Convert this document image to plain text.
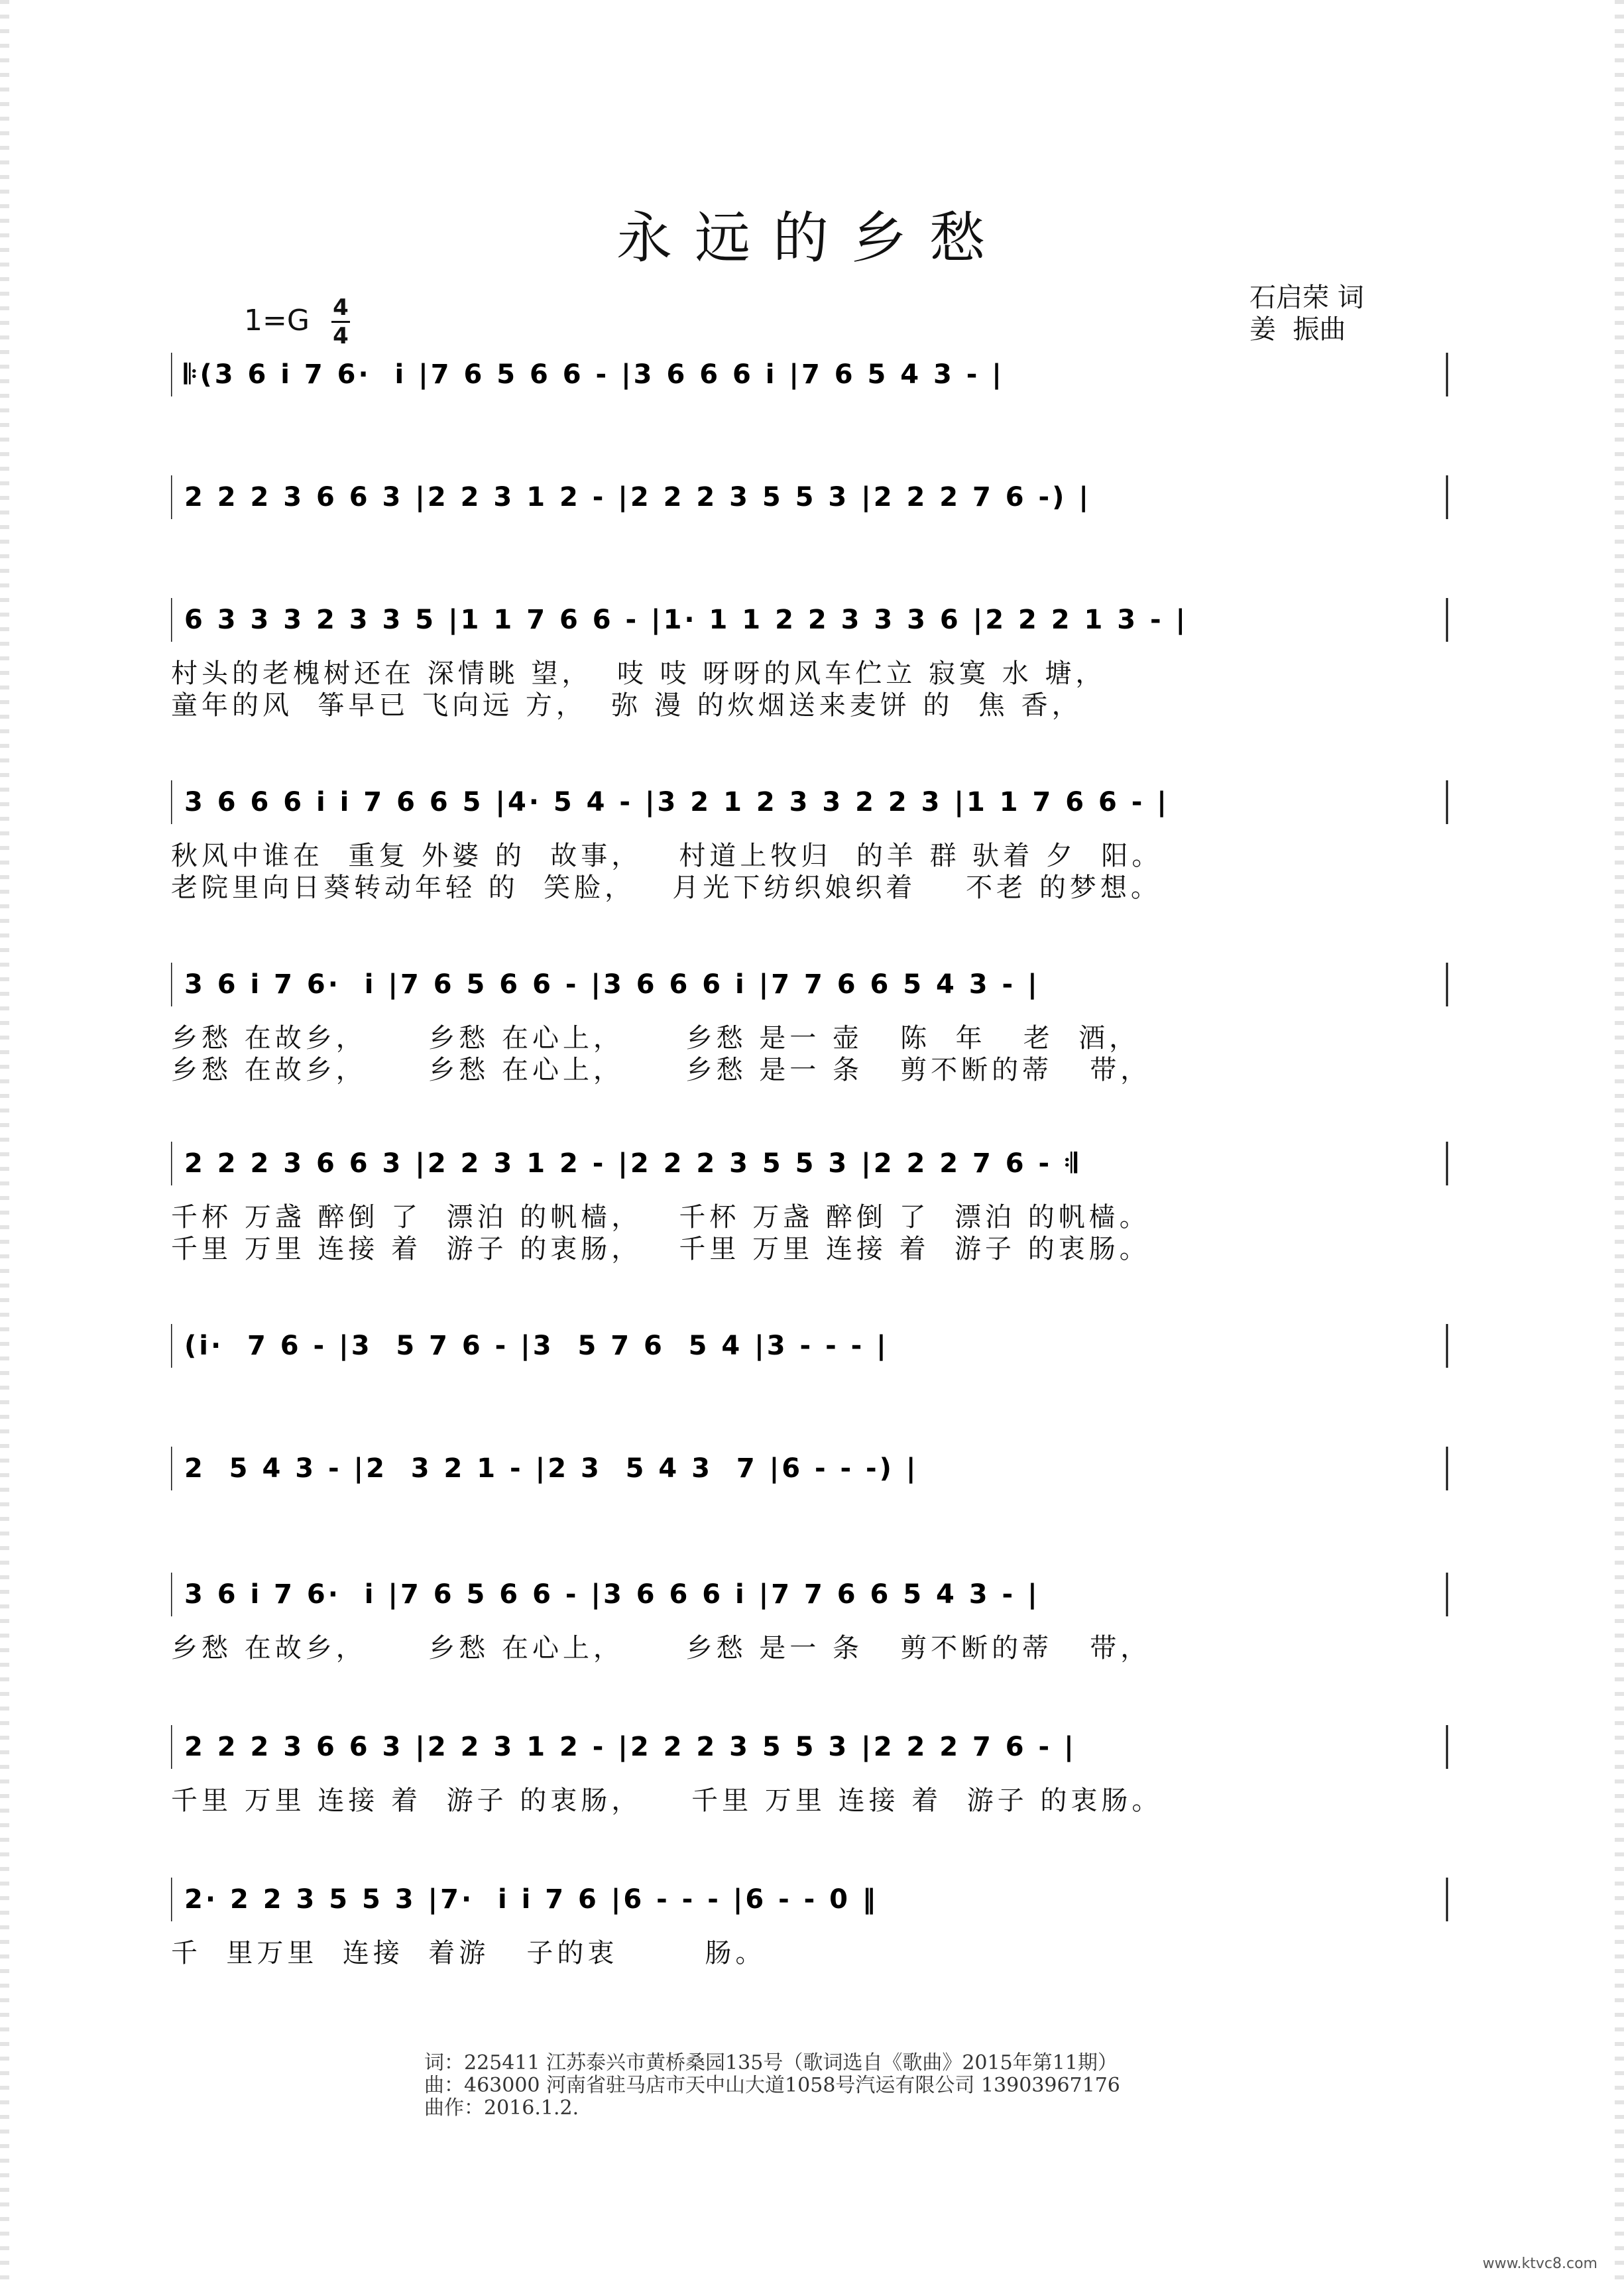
永远的乡愁
石启荣 词
姜  振曲
1=G 4
4
𝄆(3 6 i 7 6·  i |7 6 5 6 6 - |3 6 6 6 i |7 6 5 4 3 - |
2 2 2 3 6 6 3 |2 2 3 1 2 - |2 2 2 3 5 5 3 |2 2 2 7 6 -) |
6 3 3 3 2 3 3 5 |1 1 7 6 6 - |1· 1 1 2 2 3 3 3 6 |2 2 2 1 3 - |
村头的老槐树还在 深情眺 望，  吱 吱 呀呀的风车伫立 寂寞 水 塘，
童年的风  筝早已 飞向远 方，  弥 漫 的炊烟送来麦饼 的  焦 香，
3 6 6 6 i i 7 6 6 5 |4· 5 4 - |3 2 1 2 3 3 2 2 3 |1 1 7 6 6 - |
秋风中谁在  重复 外婆 的  故事，   村道上牧归  的羊 群 驮着 夕  阳。
老院里向日葵转动年轻 的  笑脸，   月光下纺织娘织着    不老 的梦想。
3 6 i 7 6·  i |7 6 5 6 6 - |3 6 6 6 i |7 7 6 6 5 4 3 - |
乡愁 在故乡，     乡愁 在心上，     乡愁 是一 壶   陈  年   老  酒，
乡愁 在故乡，     乡愁 在心上，     乡愁 是一 条   剪不断的蒂   带，
2 2 2 3 6 6 3 |2 2 3 1 2 - |2 2 2 3 5 5 3 |2 2 2 7 6 - 𝄇
千杯 万盏 醉倒 了  漂泊 的帆樯，   千杯 万盏 醉倒 了  漂泊 的帆樯。
千里 万里 连接 着  游子 的衷肠，   千里 万里 连接 着  游子 的衷肠。
(i·  7 6 - |3  5 7 6 - |3  5 7 6  5 4 |3 - - - |
2  5 4 3 - |2  3 2 1 - |2 3  5 4 3  7 |6 - - -) |
3 6 i 7 6·  i |7 6 5 6 6 - |3 6 6 6 i |7 7 6 6 5 4 3 - |
乡愁 在故乡，     乡愁 在心上，     乡愁 是一 条   剪不断的蒂   带，
2 2 2 3 6 6 3 |2 2 3 1 2 - |2 2 2 3 5 5 3 |2 2 2 7 6 - |
千里 万里 连接 着  游子 的衷肠，    千里 万里 连接 着  游子 的衷肠。
2· 2 2 3 5 5 3 |7·  i i 7 6 |6 - - - |6 - - 0 ‖
千  里万里  连接  着游   子的衷       肠。
词：225411 江苏泰兴市黄桥桑园135号（歌词选自《歌曲》2015年第11期）
曲：463000 河南省驻马店市天中山大道1058号汽运有限公司 13903967176
曲作：2016.1.2.
www.ktvc8.com
